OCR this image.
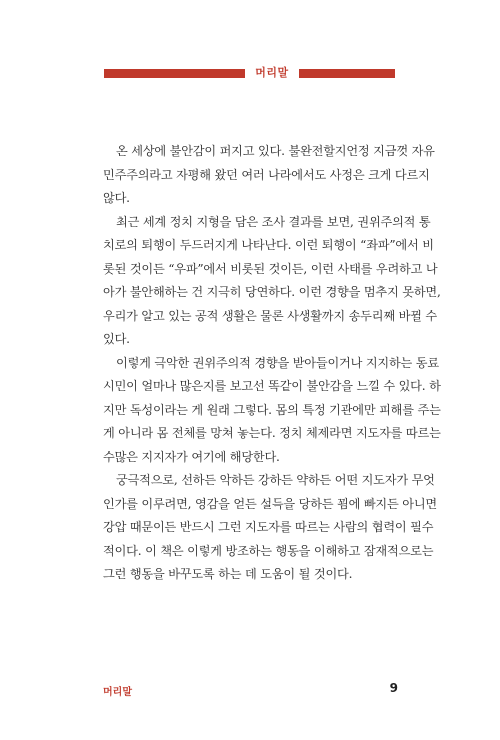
머리말
온 세상에 불안감이 퍼지고 있다. 불완전할지언정 지금껏 자유
민주주의라고 자평해 왔던 여러 나라에서도 사정은 크게 다르지
않다.
최근 세계 정치 지형을 담은 조사 결과를 보면, 권위주의적 통
치로의 퇴행이 두드러지게 나타난다. 이런 퇴행이 “좌파”에서 비
롯된 것이든 “우파”에서 비롯된 것이든, 이런 사태를 우려하고 나
아가 불안해하는 건 지극히 당연하다. 이런 경향을 멈추지 못하면,
우리가 알고 있는 공적 생활은 물론 사생활까지 송두리째 바뀔 수
있다.
이렇게 극악한 권위주의적 경향을 받아들이거나 지지하는 동료
시민이 얼마나 많은지를 보고선 똑같이 불안감을 느낄 수 있다. 하
지만 독성이라는 게 원래 그렇다. 몸의 특정 기관에만 피해를 주는
게 아니라 몸 전체를 망쳐 놓는다. 정치 체제라면 지도자를 따르는
수많은 지지자가 여기에 해당한다.
궁극적으로, 선하든 악하든 강하든 약하든 어떤 지도자가 무엇
인가를 이루려면, 영감을 얻든 설득을 당하든 꾐에 빠지든 아니면
강압 때문이든 반드시 그런 지도자를 따르는 사람의 협력이 필수
적이다. 이 책은 이렇게 방조하는 행동을 이해하고 잠재적으로는
그런 행동을 바꾸도록 하는 데 도움이 될 것이다.
머리말	9
